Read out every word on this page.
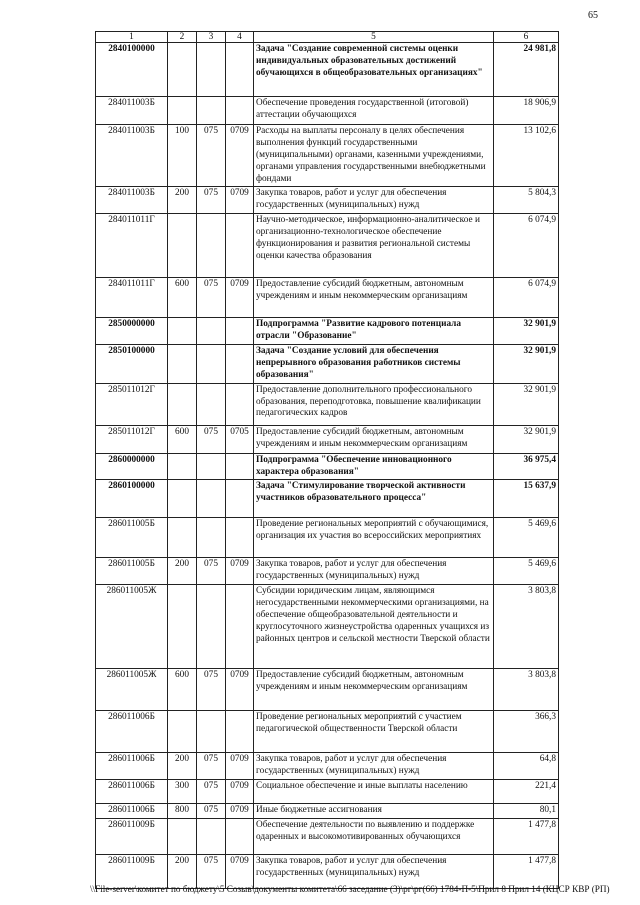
65
1	2	3	4	5	6
2840100000				Задача "Создание современной системы оценки индивидуальных образовательных достижений обучающихся в общеобразовательных организациях"	24 981,8
284011003Б				Обеспечение проведения государственной (итоговой) аттестации обучающихся	18 906,9
284011003Б	100	075	0709	Расходы на выплаты персоналу в целях обеспечения выполнения функций государственными (муниципальными) органами, казенными учреждениями, органами управления государственными внебюджетными фондами	13 102,6
284011003Б	200	075	0709	Закупка товаров, работ и услуг для обеспечения государственных (муниципальных) нужд	5 804,3
284011011Г				Научно-методическое, информационно-аналитическое и организационно-технологическое обеспечение функционирования и развития региональной системы оценки качества образования	6 074,9
284011011Г	600	075	0709	Предоставление субсидий бюджетным, автономным учреждениям и иным некоммерческим организациям	6 074,9
2850000000				Подпрограмма "Развитие кадрового потенциала отрасли "Образование"	32 901,9
2850100000				Задача "Создание условий для обеспечения непрерывного образования работников системы образования"	32 901,9
285011012Г				Предоставление дополнительного профессионального образования, переподготовка, повышение квалификации педагогических кадров	32 901,9
285011012Г	600	075	0705	Предоставление субсидий бюджетным, автономным учреждениям и иным некоммерческим организациям	32 901,9
2860000000				Подпрограмма "Обеспечение инновационного характера образования"	36 975,4
2860100000				Задача "Стимулирование творческой активности участников образовательного процесса"	15 637,9
286011005Б				Проведение региональных мероприятий с обучающимися, организация их участия во всероссийских мероприятиях	5 469,6
286011005Б	200	075	0709	Закупка товаров, работ и услуг для обеспечения государственных (муниципальных) нужд	5 469,6
286011005Ж				Субсидии юридическим лицам, являющимся негосударственными некоммерческими организациями, на обеспечение общеобразовательной деятельности и круглосуточного жизнеустройства одаренных учащихся из районных центров и сельской местности Тверской области	3 803,8
286011005Ж	600	075	0709	Предоставление субсидий бюджетным, автономным учреждениям и иным некоммерческим организациям	3 803,8
286011006Б				Проведение региональных мероприятий с участием педагогической общественности Тверской области	366,3
286011006Б	200	075	0709	Закупка товаров, работ и услуг для обеспечения государственных (муниципальных) нужд	64,8
286011006Б	300	075	0709	Социальное обеспечение и иные выплаты населению	221,4
286011006Б	800	075	0709	Иные бюджетные ассигнования	80,1
286011009Б				Обеспечение деятельности по выявлению и поддержке одаренных и высокомотивированных обучающихся	1 477,8
286011009Б	200	075	0709	Закупка товаров, работ и услуг для обеспечения государственных (муниципальных) нужд	1 477,8
\\File-server\комитет по бюджету\5 Созыв\документы комитета\66 заседание (3)\рг\рг(66) 1784-П-5\Прил 8 Прил 14 (КЦСР КВР (РП)
